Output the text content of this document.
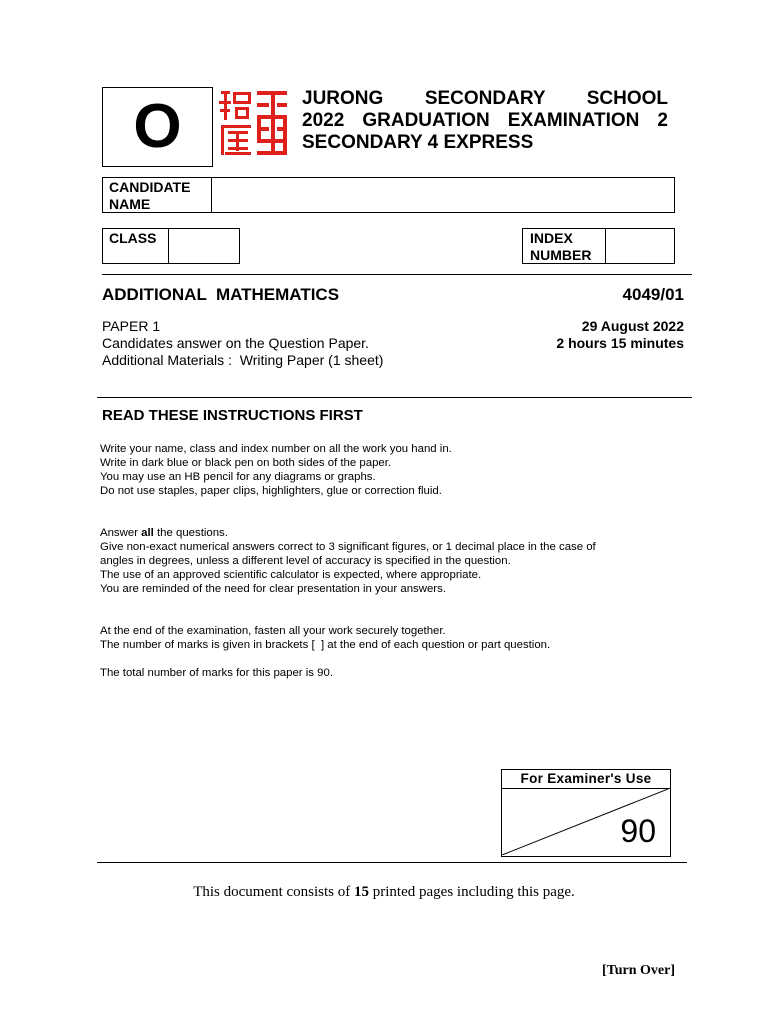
O	JURONG SECONDARY SCHOOL
2022 GRADUATION EXAMINATION 2
SECONDARY 4 EXPRESS
CANDIDATE
NAME
CLASS	INDEX
NUMBER
ADDITIONAL  MATHEMATICS	4049/01
PAPER 1
Candidates answer on the Question Paper.
Additional Materials :  Writing Paper (1 sheet)
29 August 2022
2 hours 15 minutes
READ THESE INSTRUCTIONS FIRST
Write your name, class and index number on all the work you hand in.
Write in dark blue or black pen on both sides of the paper.
You may use an HB pencil for any diagrams or graphs.
Do not use staples, paper clips, highlighters, glue or correction fluid.
Answer all the questions.
Give non-exact numerical answers correct to 3 significant figures, or 1 decimal place in the case of
angles in degrees, unless a different level of accuracy is specified in the question.
The use of an approved scientific calculator is expected, where appropriate.
You are reminded of the need for clear presentation in your answers.
At the end of the examination, fasten all your work securely together.
The number of marks is given in brackets [  ] at the end of each question or part question.
The total number of marks for this paper is 90.
For Examiner's Use
90
This document consists of 15 printed pages including this page.
[Turn Over]
